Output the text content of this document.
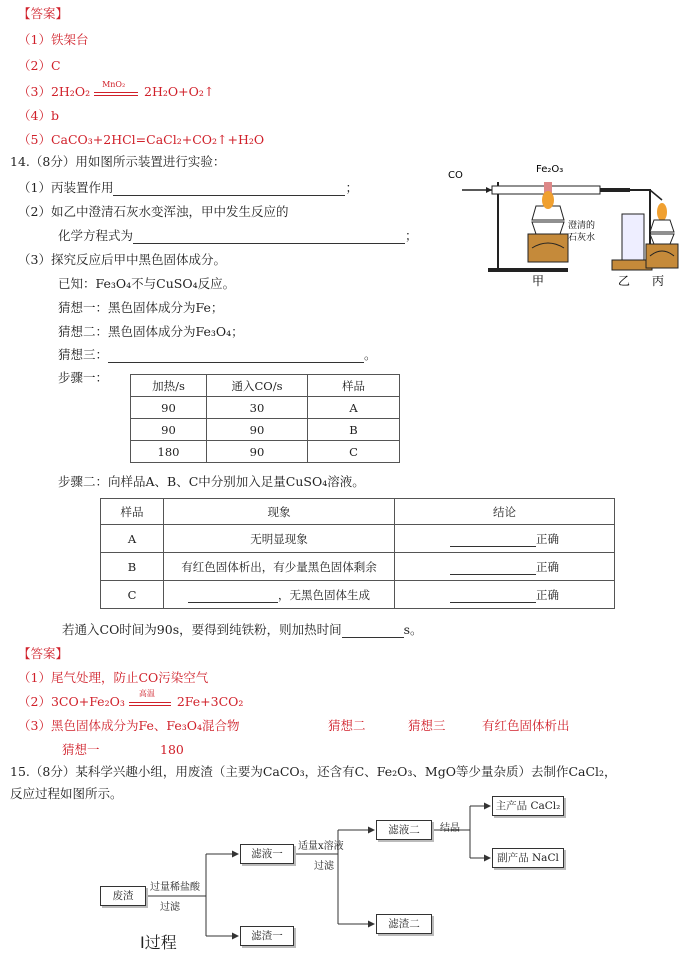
【答案】
（1）铁架台
（2）C
（3）2H₂O₂ MnO₂ 2H₂O+O₂↑
（4）b
（5）CaCO₃+2HCl=CaCl₂+CO₂↑+H₂O
14.（8分）用如图所示装置进行实验：
（1）丙装置作用	；
（2）如乙中澄清石灰水变浑浊，甲中发生反应的
化学方程式为	；
（3）探究反应后甲中黑色固体成分。
已知：Fe₃O₄不与CuSO₄反应。
猜想一：黑色固体成分为Fe；
猜想二：黑色固体成分为Fe₃O₄；
猜想三：	。
步骤一：
澄清的
石灰水
CO
Fe₂O₃
甲	乙 丙
加热/s	通入CO/s	样品
90	30	A
90	90	B
180	90	C
步骤二：向样品A、B、C中分别加入足量CuSO₄溶液。
样品	现象	结论
A	无明显现象	正确
B	有红色固体析出，有少量黑色固体剩余	正确
C	，无黑色固体生成	正确
若通入CO时间为90s，要得到纯铁粉，则加热时间	s。
【答案】
（1）尾气处理，防止CO污染空气
（2）3CO+Fe₂O₃
高温
2Fe+3CO₂
（3）黑色固体成分为Fe、Fe₃O₄混合物	猜想二	猜想三	有红色固体析出
猜想一	180
15.（8分）某科学兴趣小组，用废渣（主要为CaCO₃，还含有C、Fe₂O₃、MgO等少量杂质）去制作CaCl₂，
反应过程如图所示。
废渣
过量稀盐酸
过滤
滤液一
滤渣一
适量x溶液
过滤
滤液二
滤渣二
结晶
主产品 CaCl₂
副产品 NaCl
I过程
